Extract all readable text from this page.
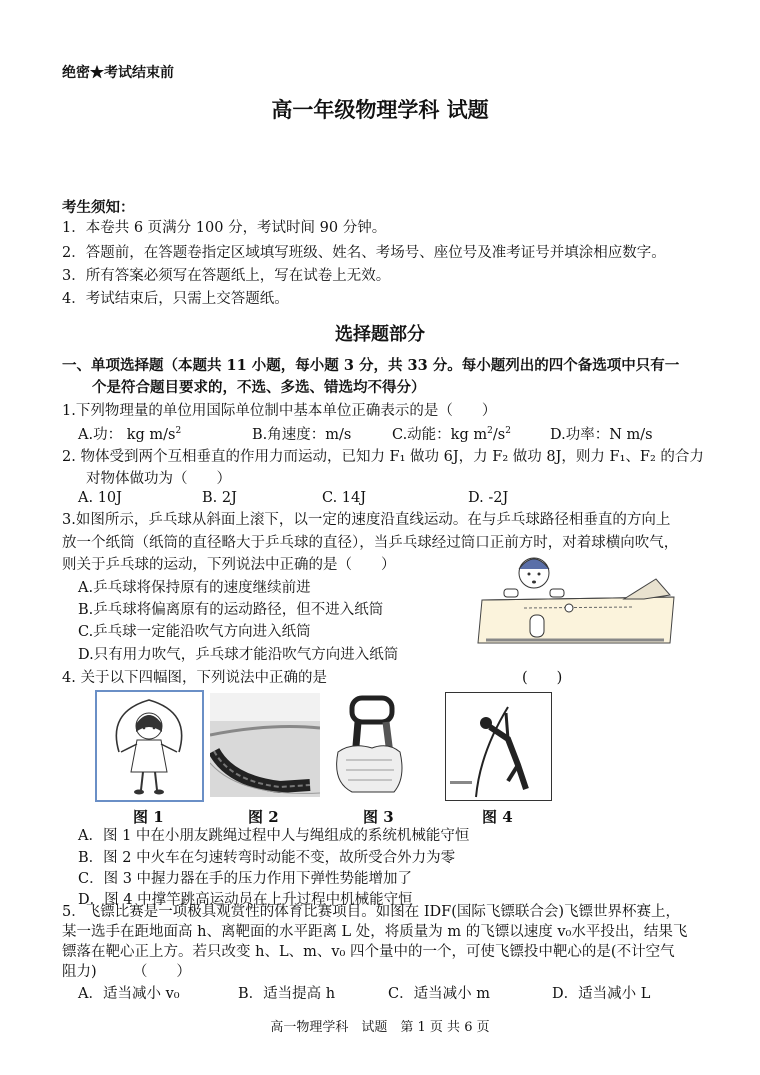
绝密★考试结束前
高一年级物理学科 试题
考生须知：
1．本卷共 6 页满分 100 分，考试时间 90 分钟。
2．答题前，在答题卷指定区域填写班级、姓名、考场号、座位号及准考证号并填涂相应数字。
3．所有答案必须写在答题纸上，写在试卷上无效。
4．考试结束后，只需上交答题纸。
选择题部分
一、单项选择题（本题共 11 小题，每小题 3 分，共 33 分。每小题列出的四个备选项中只有一
个是符合题目要求的，不选、多选、错选均不得分）
1.下列物理量的单位用国际单位制中基本单位正确表示的是（　　）
A.功： kg $m/s^2$	B.角速度：m/s	C.动能：kg $m^2/s^2$	D.功率：N m/s
2. 物体受到两个互相垂直的作用力而运动，已知力 F₁ 做功 6J，力 F₂ 做功 8J，则力 F₁、F₂ 的合力
对物体做功为（　　）
A. 10J	B. 2J	C. 14J	D. -2J
3.如图所示，乒乓球从斜面上滚下，以一定的速度沿直线运动。在与乒乓球路径相垂直的方向上
放一个纸筒（纸筒的直径略大于乒乓球的直径），当乒乓球经过筒口正前方时，对着球横向吹气，
则关于乒乓球的运动，下列说法中正确的是（　　）
A.乒乓球将保持原有的速度继续前进
B.乒乓球将偏离原有的运动路径，但不进入纸筒
C.乒乓球一定能沿吹气方向进入纸筒
D.只有用力吹气，乒乓球才能沿吹气方向进入纸筒
4. 关于以下四幅图，下列说法中正确的是	(　　)
图 1	图 2	图 3	图 4
A．图 1 中在小朋友跳绳过程中人与绳组成的系统机械能守恒
B．图 2 中火车在匀速转弯时动能不变，故所受合外力为零
C．图 3 中握力器在手的压力作用下弹性势能增加了
D．图 4 中撑竿跳高运动员在上升过程中机械能守恒
5．飞镖比赛是一项极具观赏性的体育比赛项目。如图在 IDF(国际飞镖联合会)飞镖世界杯赛上，
某一选手在距地面高 h、离靶面的水平距离 L 处，将质量为 m 的飞镖以速度 v₀水平投出，结果飞
镖落在靶心正上方。若只改变 h、L、m、v₀ 四个量中的一个，可使飞镖投中靶心的是(不计空气
阻力)　　　（　　）
A．适当减小 v₀	B．适当提高 h	C．适当减小 m	D．适当减小 L
高一物理学科　试题　第 1 页 共 6 页
